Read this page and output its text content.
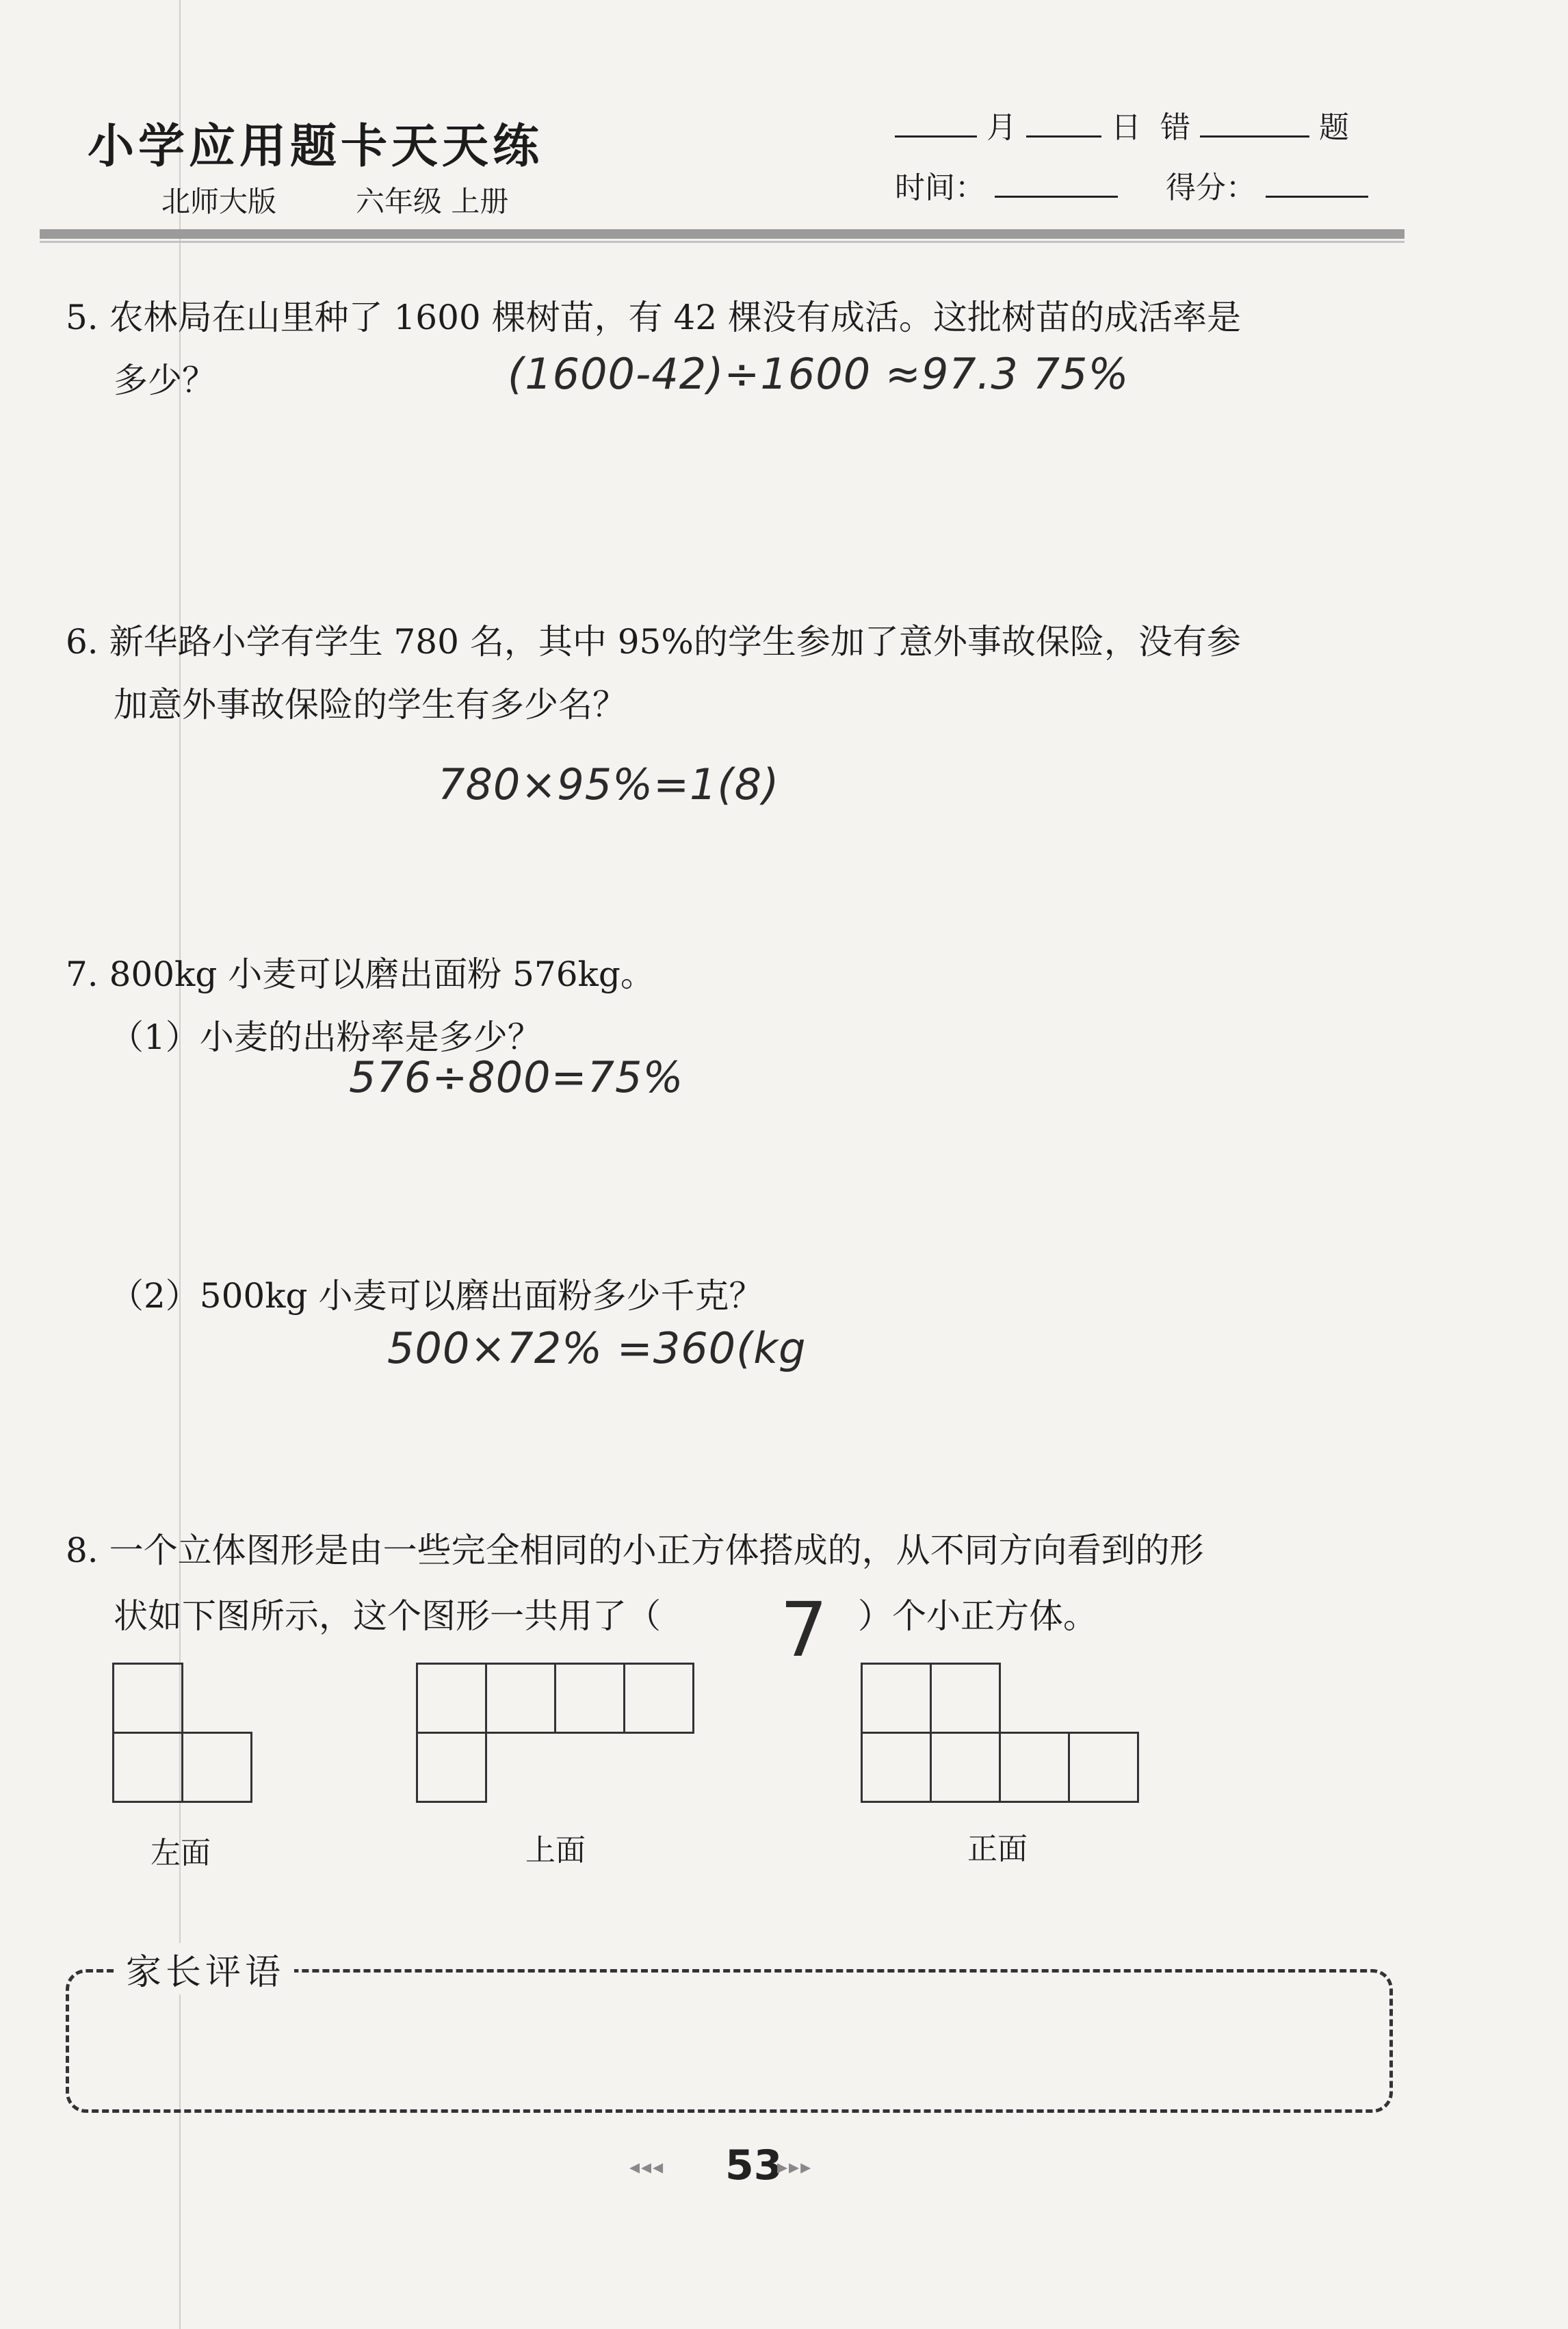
小学应用题卡天天练
北师大版	六年级 上册
月	日 错	题
时间：	得分：
5. 农林局在山里种了 1600 棵树苗，有 42 棵没有成活。这批树苗的成活率是
多少？	(1600-42)÷1600 ≈97.3 75%
6. 新华路小学有学生 780 名，其中 95%的学生参加了意外事故保险，没有参
加意外事故保险的学生有多少名？
780×95%=1(8)
7. 800kg 小麦可以磨出面粉 576kg。
（1）小麦的出粉率是多少？
576÷800=75%
（2）500kg 小麦可以磨出面粉多少千克？
500×72% =360(kg
8. 一个立体图形是由一些完全相同的小正方体搭成的，从不同方向看到的形
状如下图所示，这个图形一共用了（ 7 ）个小正方体。
左面	上面	正面
家长评语
◂◂◂ 53
▸▸▸
